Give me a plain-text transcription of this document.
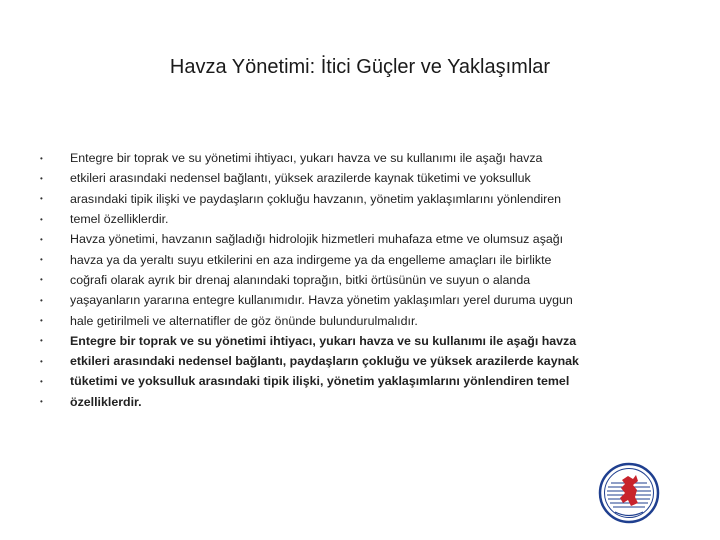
Havza Yönetimi: İtici Güçler ve Yaklaşımlar
•	Entegre bir toprak ve su yönetimi ihtiyacı, yukarı havza ve su kullanımı ile aşağı havza
•	etkileri arasındaki nedensel bağlantı, yüksek arazilerde kaynak tüketimi ve yoksulluk
•	arasındaki tipik ilişki ve paydaşların çokluğu havzanın, yönetim yaklaşımlarını yönlendiren
•	temel özelliklerdir.
•	Havza yönetimi, havzanın sağladığı hidrolojik hizmetleri muhafaza etme ve olumsuz aşağı
•	havza ya da yeraltı suyu etkilerini en aza indirgeme ya da engelleme amaçları ile birlikte
•	coğrafi olarak ayrık bir drenaj alanındaki toprağın, bitki örtüsünün ve suyun o alanda
•	yaşayanların yararına entegre kullanımıdır. Havza yönetim yaklaşımları yerel duruma uygun
•	hale getirilmeli ve alternatifler de göz önünde bulundurulmalıdır.
•	Entegre bir toprak ve su yönetimi ihtiyacı, yukarı havza ve su kullanımı ile aşağı havza
•	etkileri arasındaki nedensel bağlantı, paydaşların çokluğu ve yüksek arazilerde kaynak
•	tüketimi ve yoksulluk arasındaki tipik ilişki, yönetim yaklaşımlarını yönlendiren temel
•	özelliklerdir.
